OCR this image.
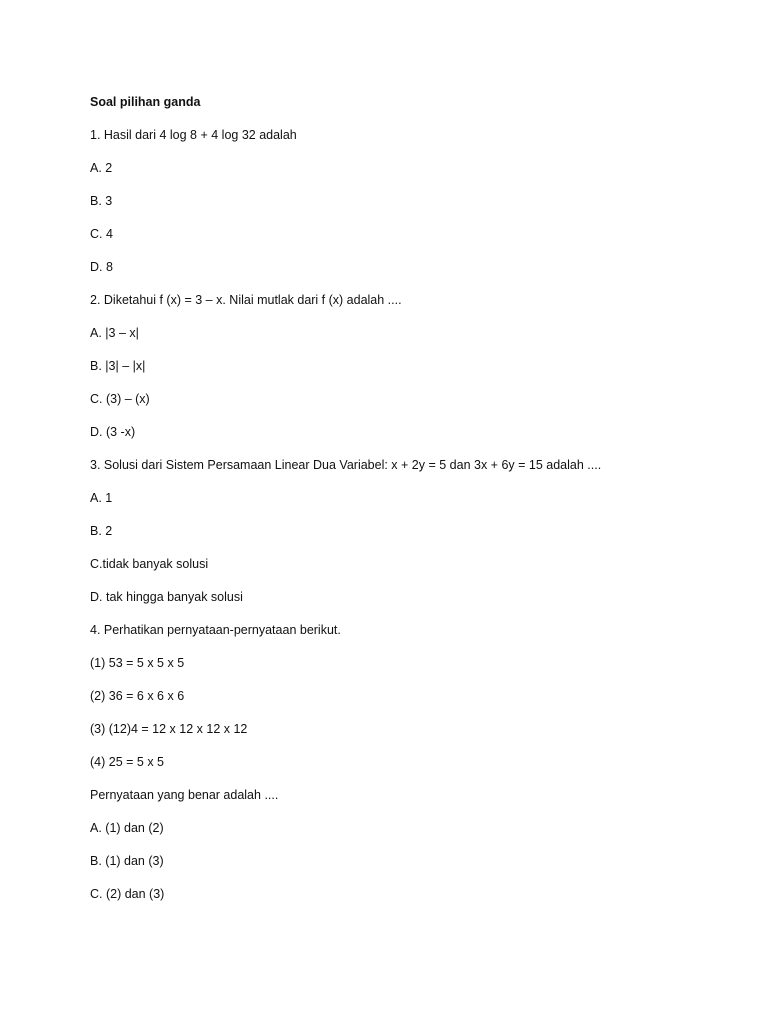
Soal pilihan ganda
1. Hasil dari 4 log 8 + 4 log 32 adalah
A. 2
B. 3
C. 4
D. 8
2. Diketahui f (x) = 3 – x. Nilai mutlak dari f (x) adalah ....
A. |3 – x|
B. |3| – |x|
C. (3) – (x)
D. (3 -x)
3. Solusi dari Sistem Persamaan Linear Dua Variabel: x + 2y = 5 dan 3x + 6y = 15 adalah ....
A. 1
B. 2
C.tidak banyak solusi
D. tak hingga banyak solusi
4. Perhatikan pernyataan-pernyataan berikut.
(1) 53 = 5 x 5 x 5
(2) 36 = 6 x 6 x 6
(3) (12)4 = 12 x 12 x 12 x 12
(4) 25 = 5 x 5
Pernyataan yang benar adalah ....
A. (1) dan (2)
B. (1) dan (3)
C. (2) dan (3)
